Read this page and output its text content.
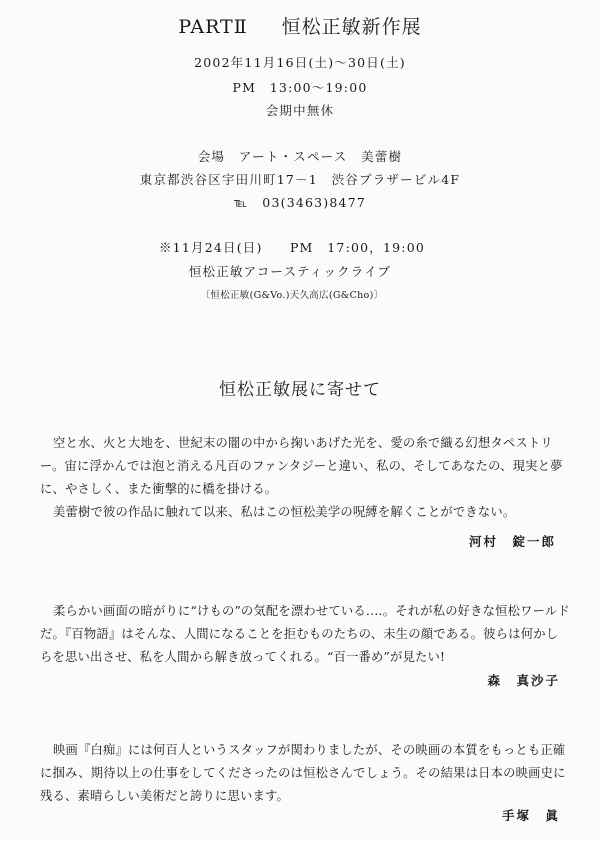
PARTⅡ 恒松正敏新作展
2002年11月16日(土)～30日(土)
PM　13:00～19:00
会期中無休
会場　アート・スペース　美蕾樹
東京都渋谷区宇田川町17－1　渋谷プラザービル4F
℡　03(3463)8477
※11月24日(日)　　PM　17:00，19:00
恒松正敏アコースティックライブ
〔恒松正敏(G&Vo.)天久高広(G&Cho)〕
恒松正敏展に寄せて

空と水、火と大地を、世紀末の闇の中から掬いあげた光を、愛の糸で織る幻想タペストリー。宙に浮かんでは泡と消える凡百のファンタジーと違い、私の、そしてあなたの、現実と夢に、やさしく、また衝撃的に橋を掛ける。

美蕾樹で彼の作品に触れて以来、私はこの恒松美学の呪縛を解くことができない。

河村　錠一郎

柔らかい画面の暗がりに“けもの”の気配を漂わせている‥‥。それが私の好きな恒松ワールドだ。『百物語』はそんな、人間になることを拒むものたちの、未生の顔である。彼らは何かしらを思い出させ、私を人間から解き放ってくれる。“百一番め”が見たい!

森　真沙子

映画『白痴』には何百人というスタッフが関わりましたが、その映画の本質をもっとも正確に掴み、期待以上の仕事をしてくださったのは恒松さんでしょう。その結果は日本の映画史に残る、素晴らしい美術だと誇りに思います。

手塚　眞
